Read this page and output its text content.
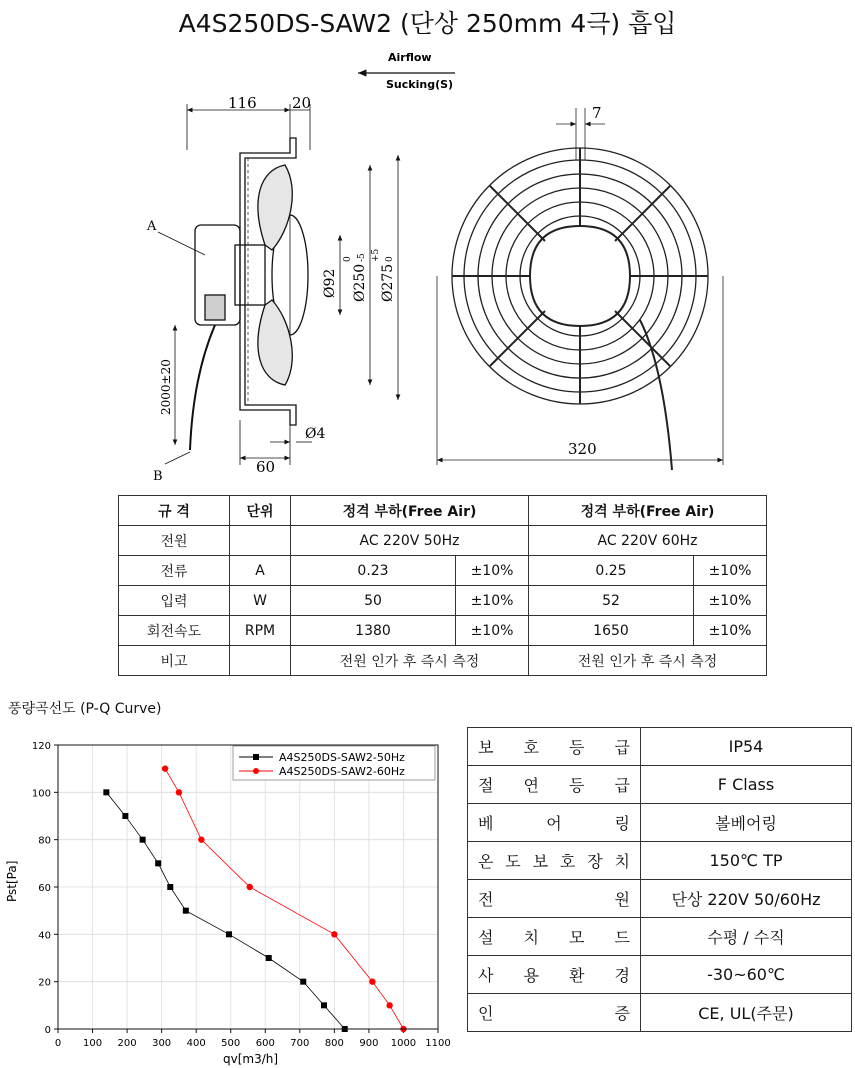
A4S250DS-SAW2 (단상 250mm 4극) 흡입
Airflow
Sucking(S)
116 20
A
B
60
Ø4
Ø92 Ø250
0 -5
Ø275
+5 0
2000±20
7
320
규 격	단위	정격 부하(Free Air)		정격 부하(Free Air)	
전원		AC 220V 50Hz		AC 220V 60Hz	
전류	A	0.23	±10%	0.25	±10%
입력	W	50	±10%	52	±10%
회전속도	RPM	1380	±10%	1650	±10%
비고		전원 인가 후 즉시 측정		전원 인가 후 즉시 측정	
풍량곡선도 (P-Q Curve)
0 100 200 300 400 500 600 700 800 900 1000 1100
0
20
40
60
80
100
120
Pst[Pa]
qv[m3/h]
A4S250DS-SAW2-50Hz
A4S250DS-SAW2-60Hz
보 호 등 급	IP54
절 연 등 급	F Class
베 어 링	볼베어링
온 도 보 호 장 치	150℃ TP
전 원	단상 220V 50/60Hz
설 치 모 드	수평 / 수직
사 용 환 경	-30~60℃
인 증	CE, UL(주문)
